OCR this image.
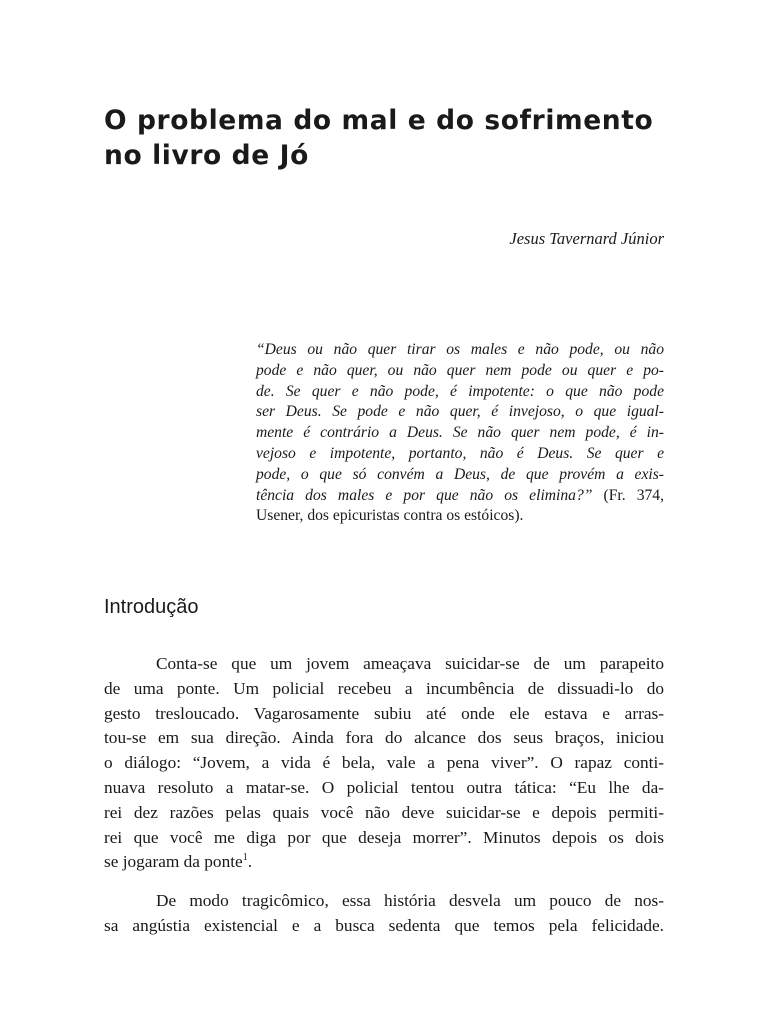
O problema do mal e do sofrimento
no livro de Jó

Jesus Tavernard Júnior

“Deus ou não quer tirar os males e não pode, ou não
pode e não quer, ou não quer nem pode ou quer e po-
de. Se quer e não pode, é impotente: o que não pode
ser Deus. Se pode e não quer, é invejoso, o que igual-
mente é contrário a Deus. Se não quer nem pode, é in-
vejoso e impotente, portanto, não é Deus. Se quer e
pode, o que só convém a Deus, de que provém a exis-
tência dos males e por que não os elimina?” (Fr. 374,
Usener, dos epicuristas contra os estóicos).
Introdução

Conta-se que um jovem ameaçava suicidar-se de um parapeito
de uma ponte. Um policial recebeu a incumbência de dissuadi-lo do
gesto tresloucado. Vagarosamente subiu até onde ele estava e arras-
tou-se em sua direção. Ainda fora do alcance dos seus braços, iniciou
o diálogo: “Jovem, a vida é bela, vale a pena viver”. O rapaz conti-
nuava resoluto a matar-se. O policial tentou outra tática: “Eu lhe da-
rei dez razões pelas quais você não deve suicidar-se e depois permiti-
rei que você me diga por que deseja morrer”. Minutos depois os dois
se jogaram da ponte$^1$.

De modo tragicômico, essa história desvela um pouco de nos-
sa angústia existencial e a busca sedenta que temos pela felicidade.
